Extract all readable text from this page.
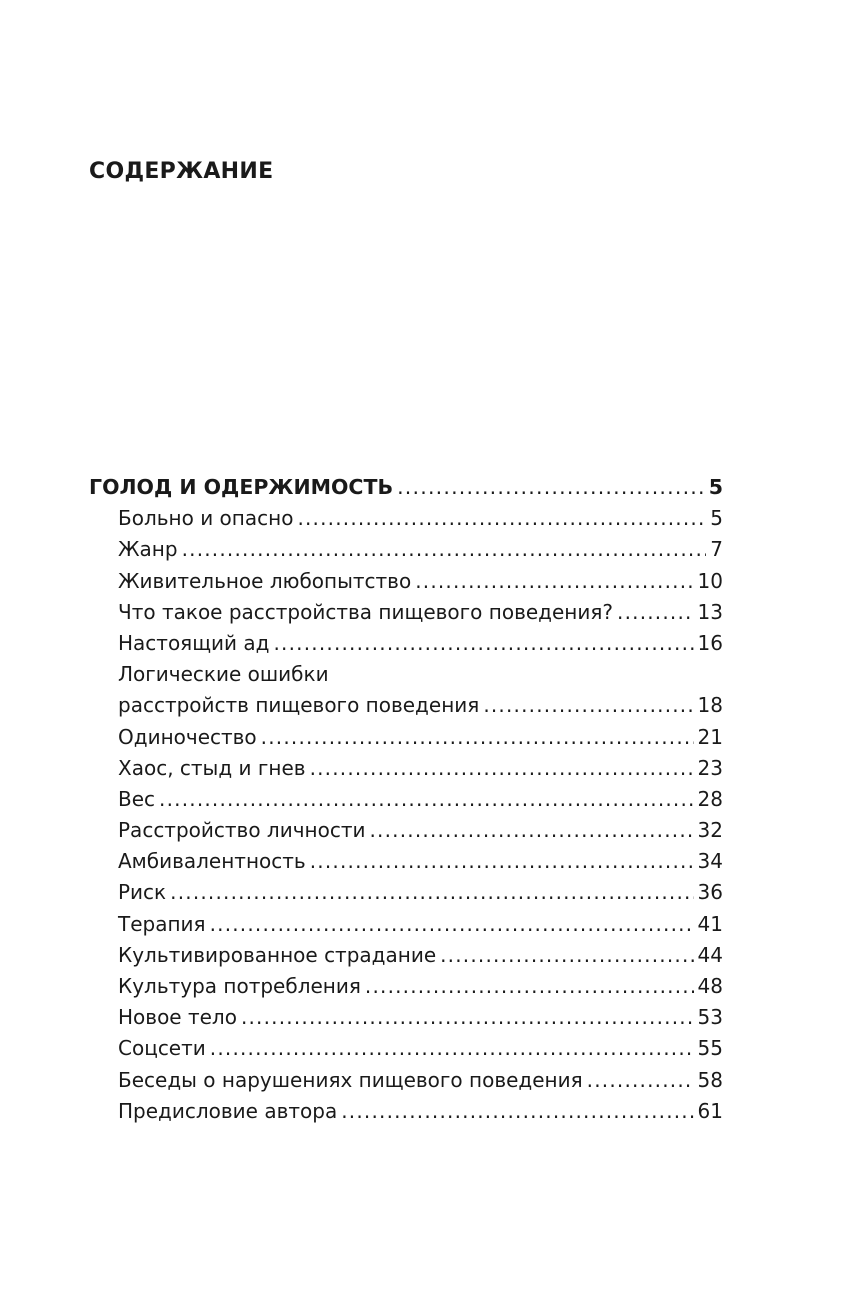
СОДЕРЖАНИЕ
ГОЛОД И ОДЕРЖИМОСТЬ .....	5
Больно и опасно .....	5
Жанр .....	7
Живительное любопытство .....	10
Что такое расстройства пищевого поведения? .....	13
Настоящий ад .....	16
Логические ошибки
расстройств пищевого поведения .....	18
Одиночество .....	21
Хаос, стыд и гнев .....	23
Вес .....	28
Расстройство личности .....	32
Амбивалентность .....	34
Риск .....	36
Терапия .....	41
Культивированное страдание .....	44
Культура потребления .....	48
Новое тело .....	53
Соцсети .....	55
Беседы о нарушениях пищевого поведения .....	58
Предисловие автора .....	61
